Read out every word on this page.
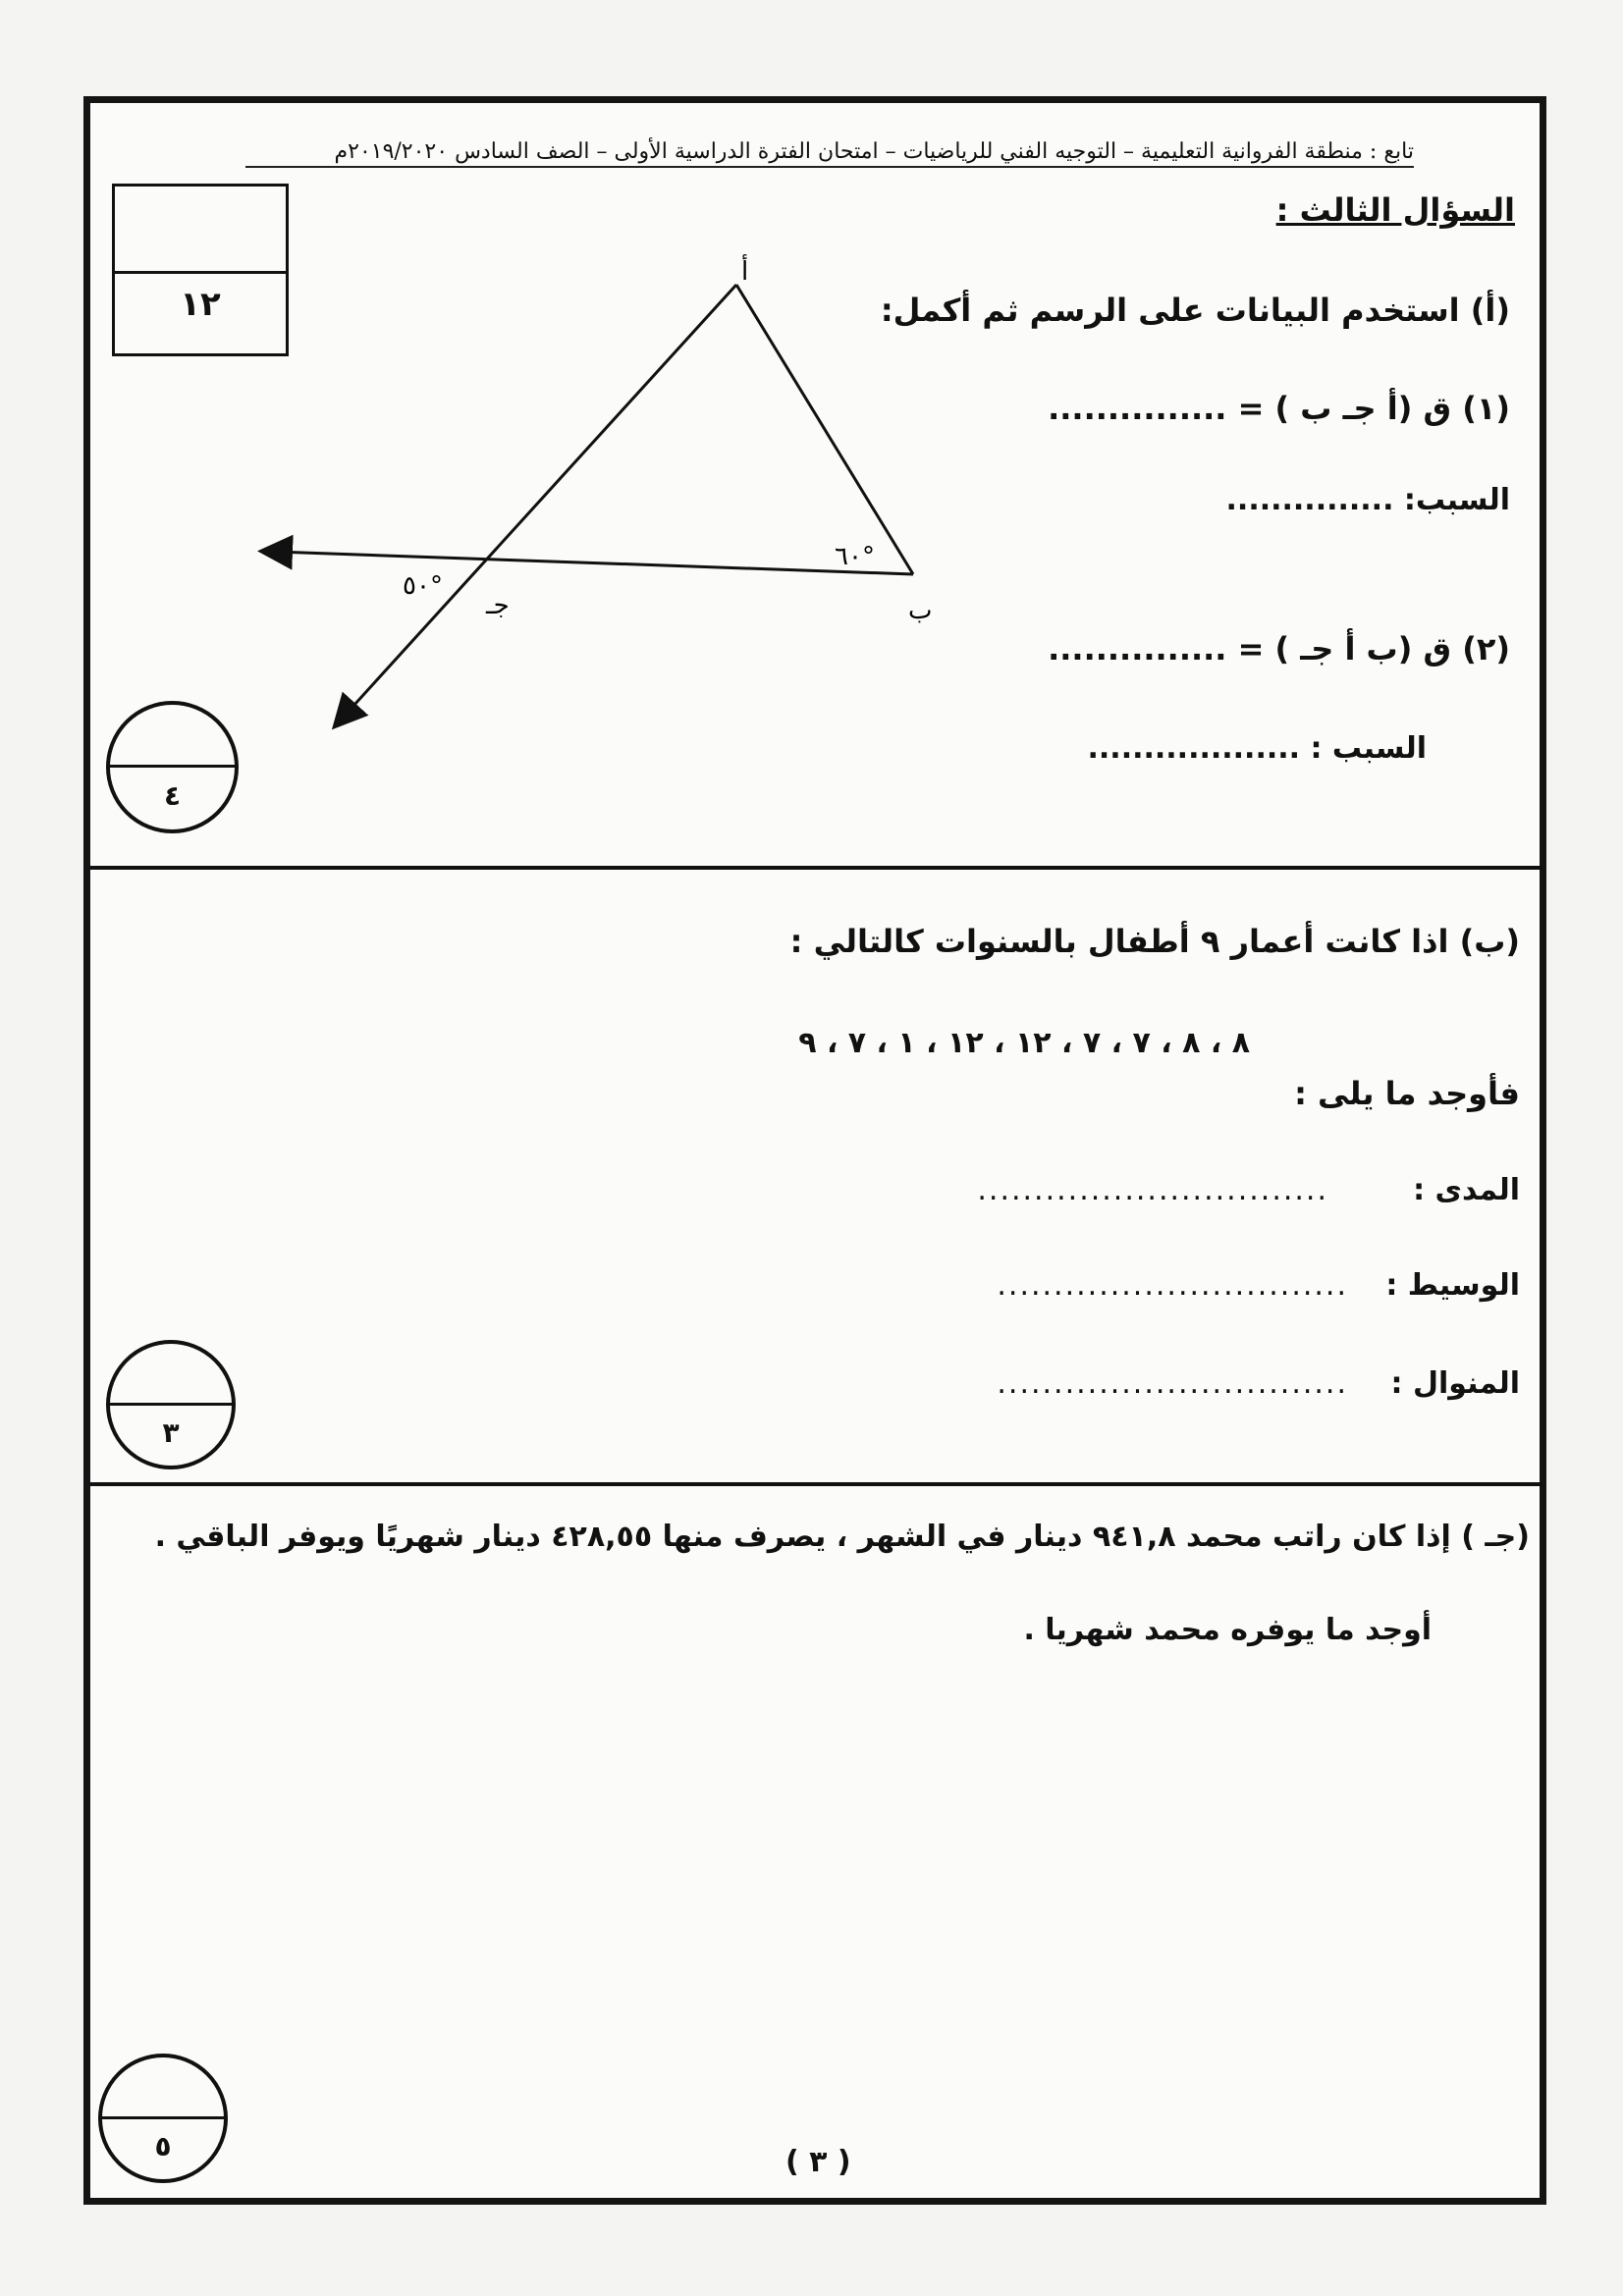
تابع : منطقة الفروانية التعليمية – التوجيه الفني للرياضيات – امتحان الفترة الدراسية الأولى – الصف السادس ٢٠١٩/٢٠٢٠م
السؤال الثالث :
١٢	(أ) استخدم البيانات على الرسم ثم أكمل:
(١) ق (أ جـ ب ) = ...............
السبب: ...............
(٢) ق (ب أ جـ ) = ...............
السبب : ...................
أ
ب
جـ
٦٠°
٥٠°
٤
(ب) اذا كانت أعمار ٩ أطفال بالسنوات كالتالي :
٨ ، ٨ ، ٧ ، ٧ ، ١٢ ، ١٢ ، ١ ، ٧ ، ٩
فأوجد ما يلى :
المدى :
...............................
الوسيط :
...............................
المنوال :
...............................
٣
(جـ ) إذا كان راتب محمد ٩٤١,٨ دينار في الشهر ، يصرف منها ٤٢٨,٥٥ دينار شهريًا ويوفر الباقي .
أوجد ما يوفره محمد شهريا .
٥	( ٣ )
